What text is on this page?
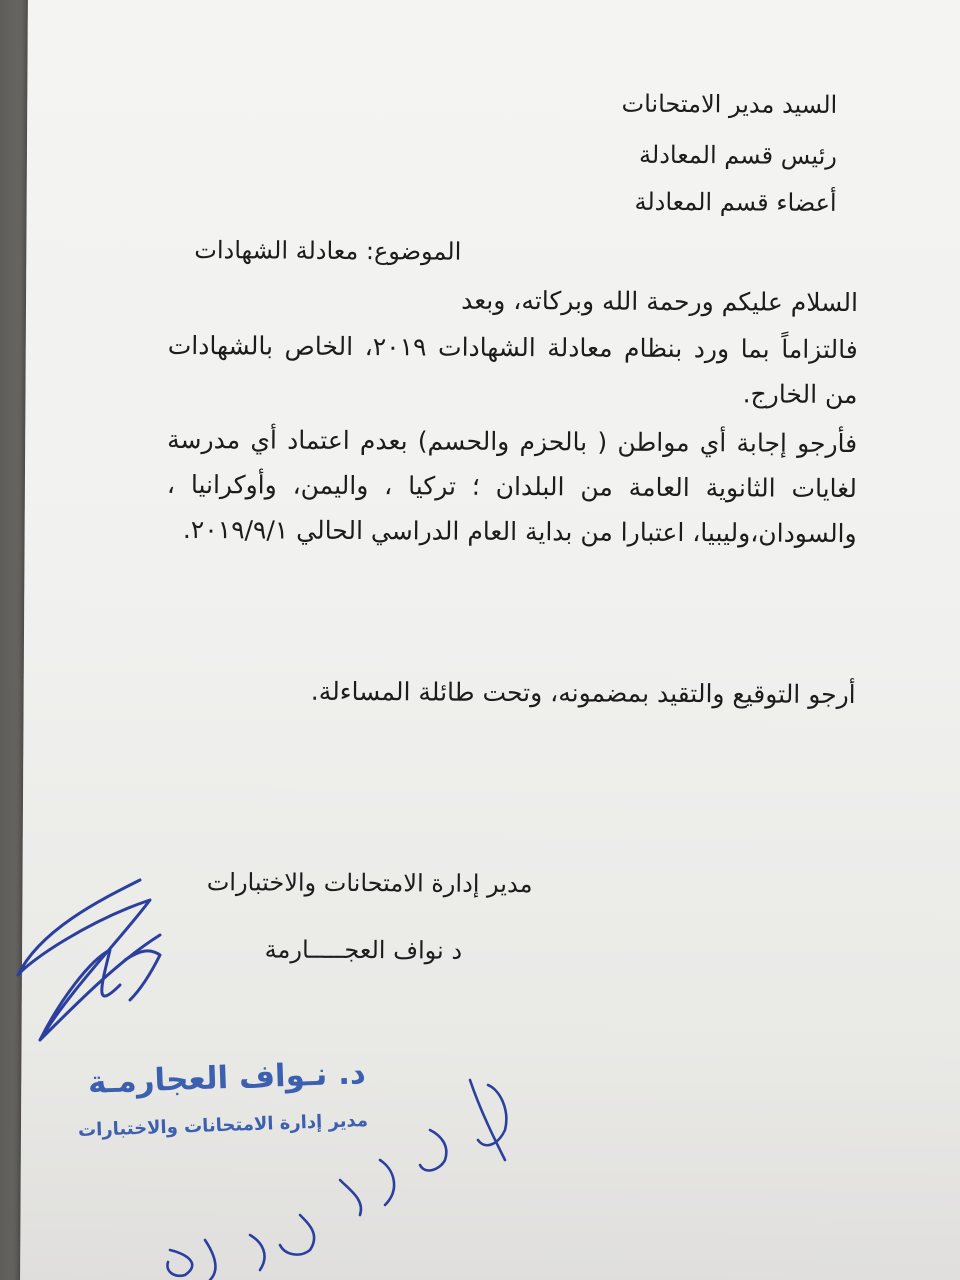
السيد مدير الامتحانات
رئيس قسم المعادلة
أعضاء قسم المعادلة
الموضوع: معادلة الشهادات
السلام عليكم ورحمة الله وبركاته، وبعد
فالتزاماً بما ورد بنظام معادلة الشهادات ٢٠١٩، الخاص بالشهادات من الخارج.
فأرجو إجابة أي مواطن ( بالحزم والحسم) بعدم اعتماد أي مدرسة لغايات الثانوية العامة من البلدان ؛ تركيا ، واليمن، وأوكرانيا ، والسودان،وليبيا، اعتبارا من بداية العام الدراسي الحالي ٢٠١٩/٩/١.
أرجو التوقيع والتقيد بمضمونه، وتحت طائلة المساءلة.
مدير إدارة الامتحانات والاختبارات
د نواف العجـــــارمة
د. نـواف العجارمـة
مدير إدارة الامتحانات والاختبارات
